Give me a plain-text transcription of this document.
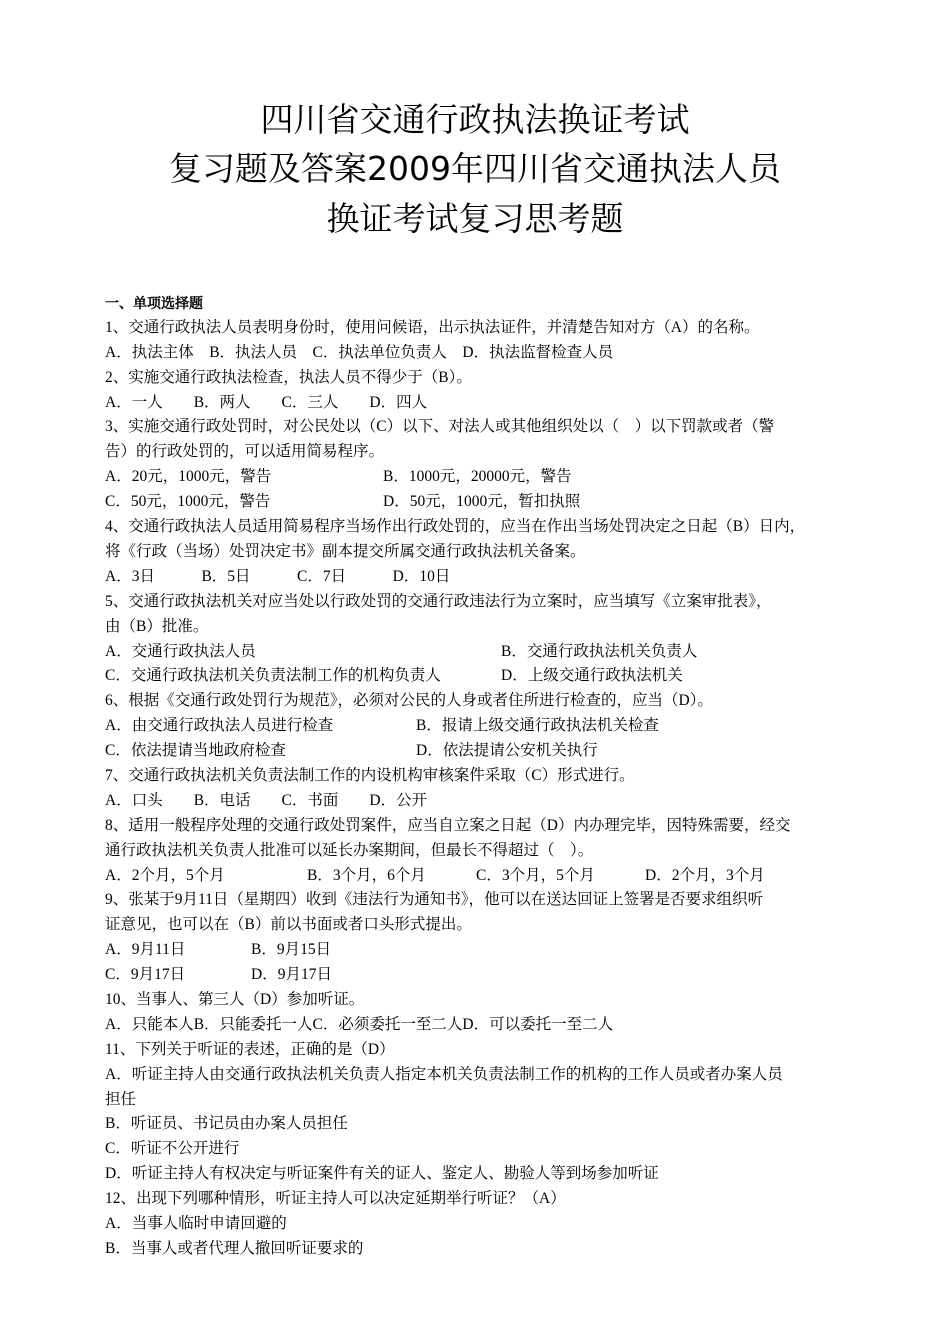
四川省交通行政执法换证考试
复习题及答案2009年四川省交通执法人员
换证考试复习思考题
一、单项选择题
1、交通行政执法人员表明身份时，使用问候语，出示执法证件，并清楚告知对方（A）的名称。
A．执法主体　B．执法人员　C．执法单位负责人　D．执法监督检查人员
2、实施交通行政执法检查，执法人员不得少于（B）。
A．一人　　B．两人　　C．三人　　D．四人
3、实施交通行政处罚时，对公民处以（C）以下、对法人或其他组织处以（　）以下罚款或者（警
告）的行政处罚的，可以适用简易程序。
A．20元，1000元，警告	B．1000元，20000元，警告
C．50元，1000元，警告	D．50元，1000元，暂扣执照
4、交通行政执法人员适用简易程序当场作出行政处罚的，应当在作出当场处罚决定之日起（B）日内，
将《行政（当场）处罚决定书》副本提交所属交通行政执法机关备案。
A．3日　　　B．5日　　　C．7日　　　D．10日
5、交通行政执法机关对应当处以行政处罚的交通行政违法行为立案时，应当填写《立案审批表》，
由（B）批准。
A．交通行政执法人员	B．交通行政执法机关负责人
C．交通行政执法机关负责法制工作的机构负责人	D．上级交通行政执法机关
6、根据《交通行政处罚行为规范》，必须对公民的人身或者住所进行检查的，应当（D）。
A．由交通行政执法人员进行检查	B．报请上级交通行政执法机关检查
C．依法提请当地政府检查	D．依法提请公安机关执行
7、交通行政执法机关负责法制工作的内设机构审核案件采取（C）形式进行。
A．口头　　B．电话　　C．书面　　D．公开
8、适用一般程序处理的交通行政处罚案件，应当自立案之日起（D）内办理完毕，因特殊需要，经交
通行政执法机关负责人批准可以延长办案期间，但最长不得超过（　）。
A．2个月，5个月	B．3个月，6个月	C．3个月，5个月	D．2个月，3个月
9、张某于9月11日（星期四）收到《违法行为通知书》，他可以在送达回证上签署是否要求组织听
证意见，也可以在（B）前以书面或者口头形式提出。
A．9月11日	B．9月15日
C．9月17日	D．9月17日
10、当事人、第三人（D）参加听证。
A．只能本人B．只能委托一人C．必须委托一至二人D．可以委托一至二人
11、下列关于听证的表述，正确的是（D）
A．听证主持人由交通行政执法机关负责人指定本机关负责法制工作的机构的工作人员或者办案人员
担任
B．听证员、书记员由办案人员担任
C．听证不公开进行
D．听证主持人有权决定与听证案件有关的证人、鉴定人、勘验人等到场参加听证
12、出现下列哪种情形，听证主持人可以决定延期举行听证？（A）
A．当事人临时申请回避的
B．当事人或者代理人撤回听证要求的
